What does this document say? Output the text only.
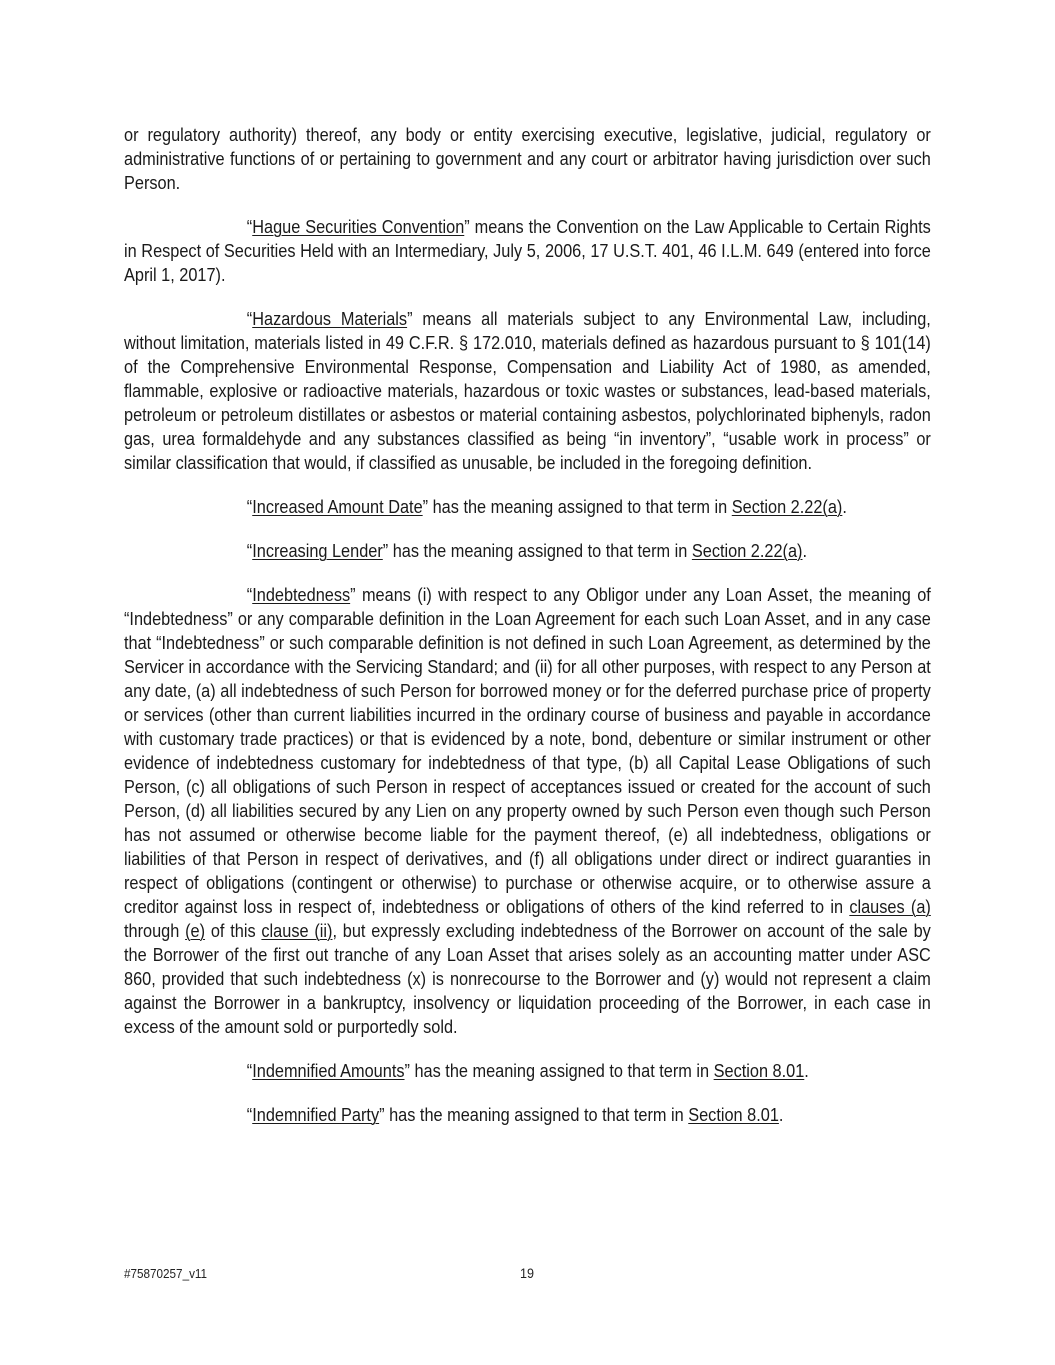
or regulatory authority) thereof, any body or entity exercising executive, legislative, judicial, regulatory or administrative functions of or pertaining to government and any court or arbitrator having jurisdiction over such Person.

“Hague Securities Convention” means the Convention on the Law Applicable to Certain Rights in Respect of Securities Held with an Intermediary, July 5, 2006, 17 U.S.T. 401, 46 I.L.M. 649 (entered into force April 1, 2017).

“Hazardous Materials” means all materials subject to any Environmental Law, including, without limitation, materials listed in 49 C.F.R. § 172.010, materials defined as hazardous pursuant to § 101(14) of the Comprehensive Environmental Response, Compensation and Liability Act of 1980, as amended, flammable, explosive or radioactive materials, hazardous or toxic wastes or substances, lead-based materials, petroleum or petroleum distillates or asbestos or material containing asbestos, polychlorinated biphenyls, radon gas, urea formaldehyde and any substances classified as being “in inventory”, “usable work in process” or similar classification that would, if classified as unusable, be included in the foregoing definition.

“Increased Amount Date” has the meaning assigned to that term in Section 2.22(a).

“Increasing Lender” has the meaning assigned to that term in Section 2.22(a).

“Indebtedness” means (i) with respect to any Obligor under any Loan Asset, the meaning of “Indebtedness” or any comparable definition in the Loan Agreement for each such Loan Asset, and in any case that “Indebtedness” or such comparable definition is not defined in such Loan Agreement, as determined by the Servicer in accordance with the Servicing Standard; and (ii) for all other purposes, with respect to any Person at any date, (a) all indebtedness of such Person for borrowed money or for the deferred purchase price of property or services (other than current liabilities incurred in the ordinary course of business and payable in accordance with customary trade practices) or that is evidenced by a note, bond, debenture or similar instrument or other evidence of indebtedness customary for indebtedness of that type, (b) all Capital Lease Obligations of such Person, (c) all obligations of such Person in respect of acceptances issued or created for the account of such Person, (d) all liabilities secured by any Lien on any property owned by such Person even though such Person has not assumed or otherwise become liable for the payment thereof, (e) all indebtedness, obligations or liabilities of that Person in respect of derivatives, and (f) all obligations under direct or indirect guaranties in respect of obligations (contingent or otherwise) to purchase or otherwise acquire, or to otherwise assure a creditor against loss in respect of, indebtedness or obligations of others of the kind referred to in clauses (a) through (e) of this clause (ii), but expressly excluding indebtedness of the Borrower on account of the sale by the Borrower of the first out tranche of any Loan Asset that arises solely as an accounting matter under ASC 860, provided that such indebtedness (x) is nonrecourse to the Borrower and (y) would not represent a claim against the Borrower in a bankruptcy, insolvency or liquidation proceeding of the Borrower, in each case in excess of the amount sold or purportedly sold.

“Indemnified Amounts” has the meaning assigned to that term in Section 8.01.

“Indemnified Party” has the meaning assigned to that term in Section 8.01.

#75870257_v11	19
